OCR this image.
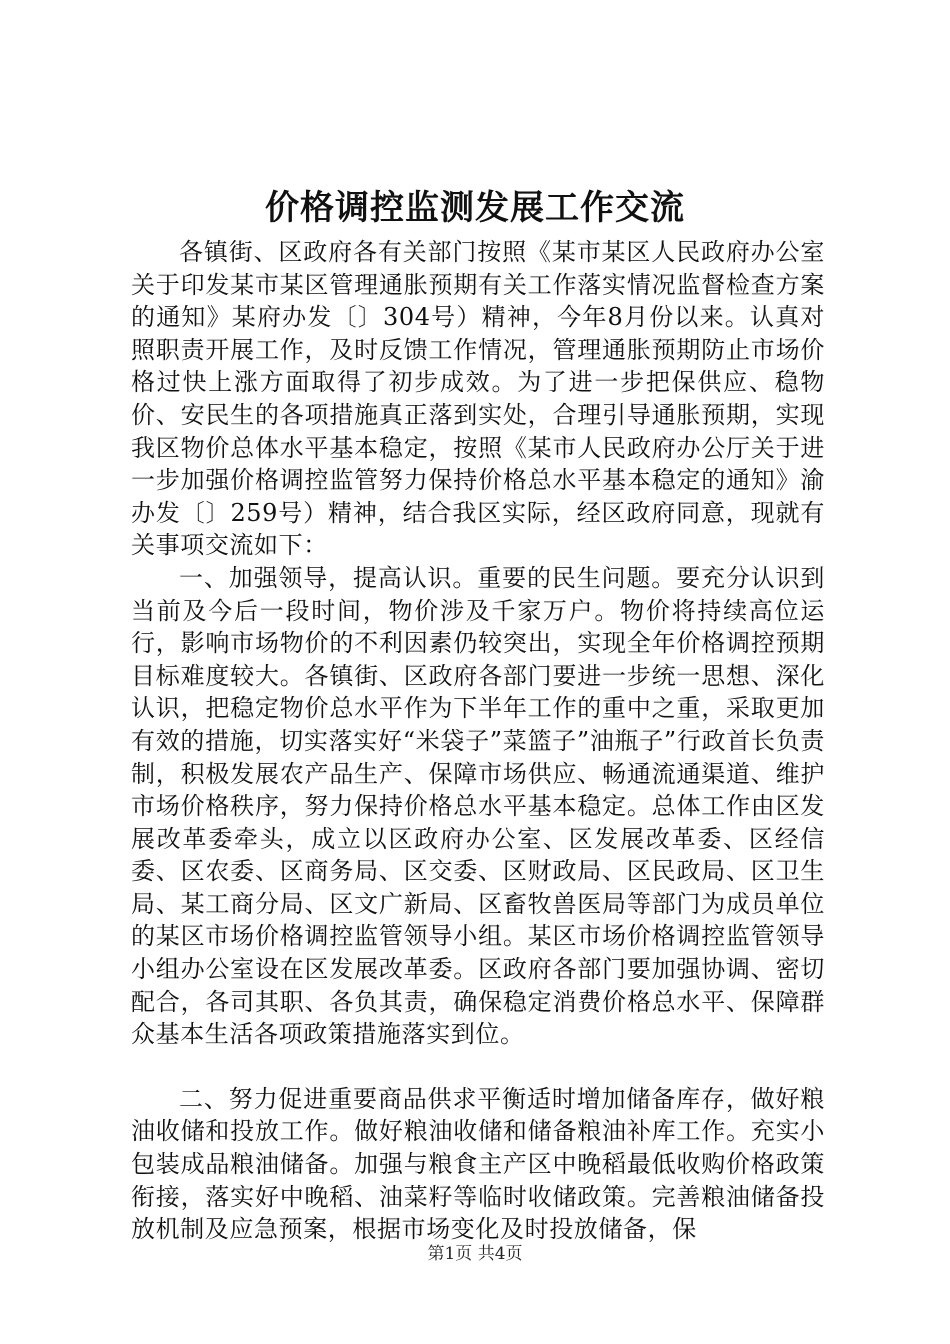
价格调控监测发展工作交流

各镇街、区政府各有关部门按照《某市某区人民政府办公室关于印发某市某区管理通胀预期有关工作落实情况监督检查方案的通知》某府办发〔〕304号）精神，今年8月份以来。认真对照职责开展工作，及时反馈工作情况，管理通胀预期防止市场价格过快上涨方面取得了初步成效。为了进一步把保供应、稳物价、安民生的各项措施真正落到实处，合理引导通胀预期，实现我区物价总体水平基本稳定，按照《某市人民政府办公厅关于进一步加强价格调控监管努力保持价格总水平基本稳定的通知》渝办发〔〕259号）精神，结合我区实际，经区政府同意，现就有关事项交流如下：

一、加强领导，提高认识。重要的民生问题。要充分认识到当前及今后一段时间，物价涉及千家万户。物价将持续高位运行，影响市场物价的不利因素仍较突出，实现全年价格调控预期目标难度较大。各镇街、区政府各部门要进一步统一思想、深化认识，把稳定物价总水平作为下半年工作的重中之重，采取更加有效的措施，切实落实好“米袋子”菜篮子”油瓶子”行政首长负责制，积极发展农产品生产、保障市场供应、畅通流通渠道、维护市场价格秩序，努力保持价格总水平基本稳定。总体工作由区发展改革委牵头，成立以区政府办公室、区发展改革委、区经信委、区农委、区商务局、区交委、区财政局、区民政局、区卫生局、某工商分局、区文广新局、区畜牧兽医局等部门为成员单位的某区市场价格调控监管领导小组。某区市场价格调控监管领导小组办公室设在区发展改革委。区政府各部门要加强协调、密切配合，各司其职、各负其责，确保稳定消费价格总水平、保障群众基本生活各项政策措施落实到位。

二、努力促进重要商品供求平衡适时增加储备库存，做好粮油收储和投放工作。做好粮油收储和储备粮油补库工作。充实小包装成品粮油储备。加强与粮食主产区中晚稻最低收购价格政策衔接，落实好中晚稻、油菜籽等临时收储政策。完善粮油储备投放机制及应急预案，根据市场变化及时投放储备，保

第1页 共4页
